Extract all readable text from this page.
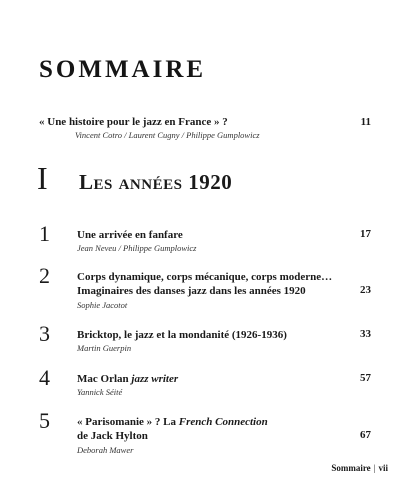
SOMMAIRE
« Une histoire pour le jazz en France » ?	11
Vincent Cotro / Laurent Cugny / Philippe Gumplowicz
I Les années 1920
1 Une arrivée en fanfare	17
Jean Neveu / Philippe Gumplowicz
2 Corps dynamique, corps mécanique, corps moderne…
Imaginaires des danses jazz dans les années 1920	23
Sophie Jacotot
3 Bricktop, le jazz et la mondanité (1926-1936)	33
Martin Guerpin
4 Mac Orlan jazz writer	57
Yannick Séité
5 « Parisomanie » ? La French Connection
de Jack Hylton	67
Deborah Mawer
Sommaire | vii
